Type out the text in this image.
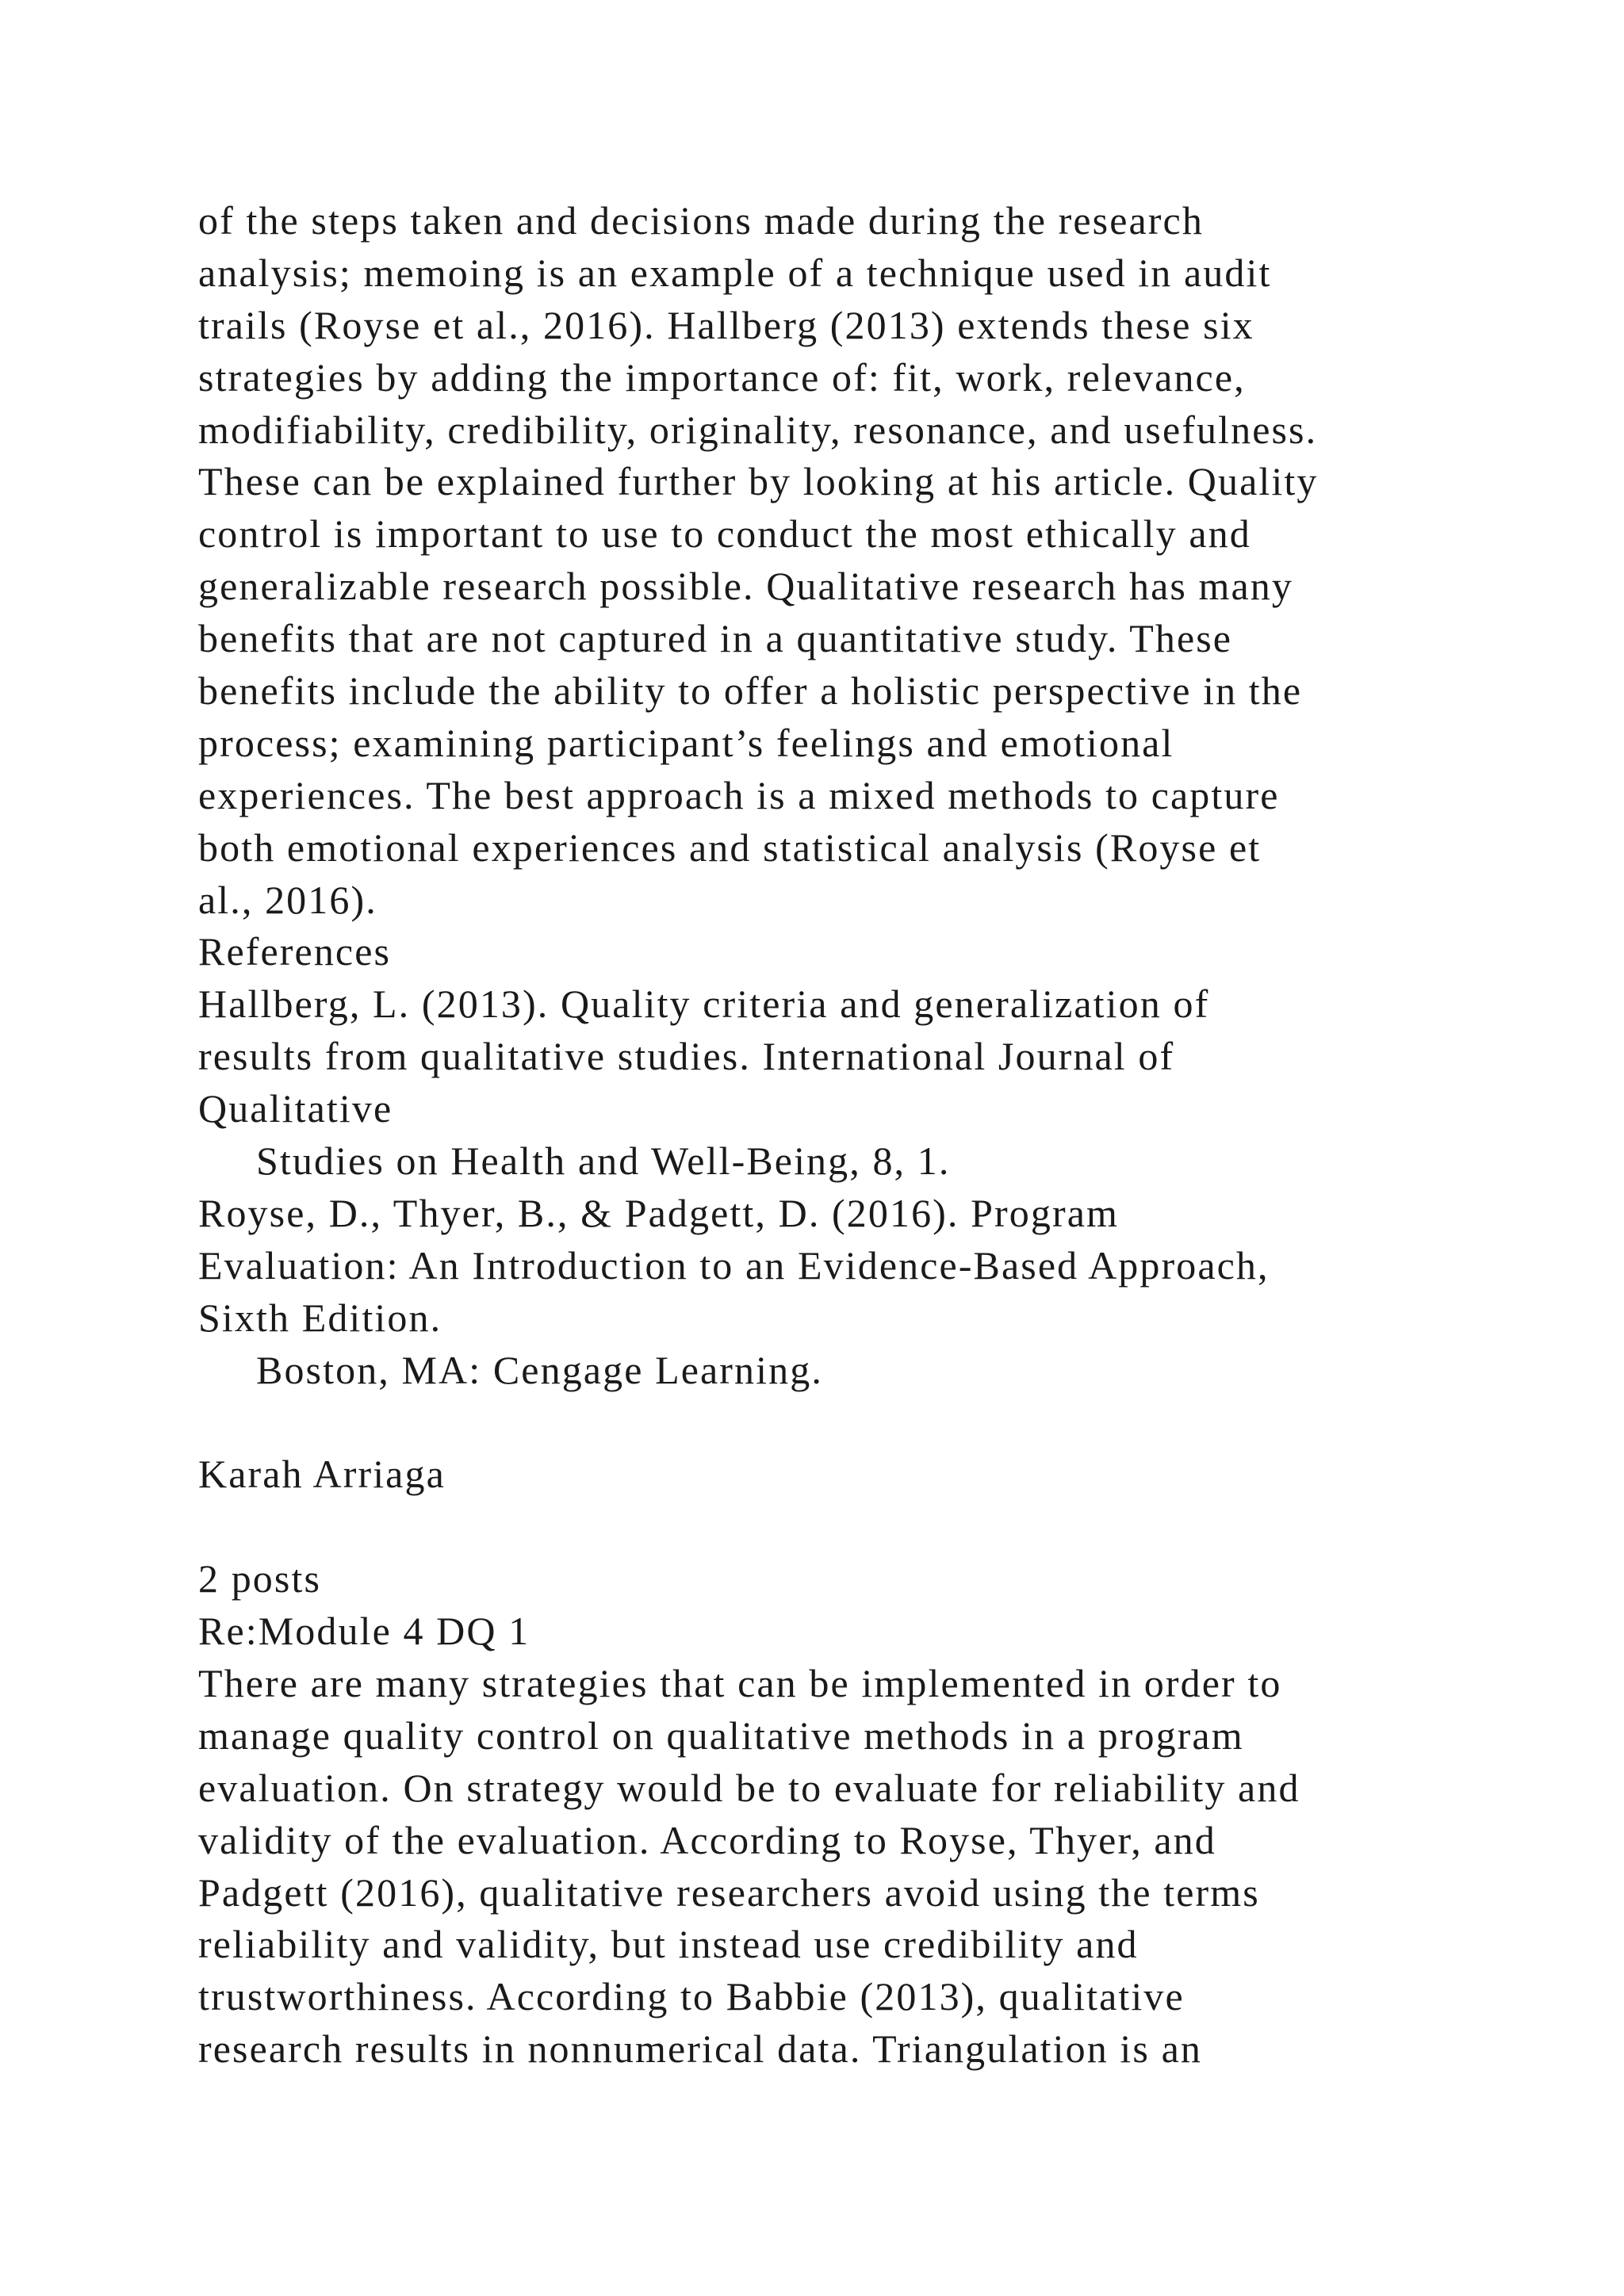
of the steps taken and decisions made during the research
analysis; memoing is an example of a technique used in audit
trails (Royse et al., 2016). Hallberg (2013) extends these six
strategies by adding the importance of: fit, work, relevance,
modifiability, credibility, originality, resonance, and usefulness.
These can be explained further by looking at his article. Quality
control is important to use to conduct the most ethically and
generalizable research possible. Qualitative research has many
benefits that are not captured in a quantitative study. These
benefits include the ability to offer a holistic perspective in the
process; examining participant’s feelings and emotional
experiences. The best approach is a mixed methods to capture
both emotional experiences and statistical analysis (Royse et
al., 2016).
References
Hallberg, L. (2013). Quality criteria and generalization of
results from qualitative studies. International Journal of
Qualitative
Studies on Health and Well-Being, 8, 1.
Royse, D., Thyer, B., & Padgett, D. (2016). Program
Evaluation: An Introduction to an Evidence-Based Approach,
Sixth Edition.
Boston, MA: Cengage Learning.
Karah Arriaga
2 posts
Re:Module 4 DQ 1
There are many strategies that can be implemented in order to
manage quality control on qualitative methods in a program
evaluation. On strategy would be to evaluate for reliability and
validity of the evaluation. According to Royse, Thyer, and
Padgett (2016), qualitative researchers avoid using the terms
reliability and validity, but instead use credibility and
trustworthiness. According to Babbie (2013), qualitative
research results in nonnumerical data. Triangulation is an
